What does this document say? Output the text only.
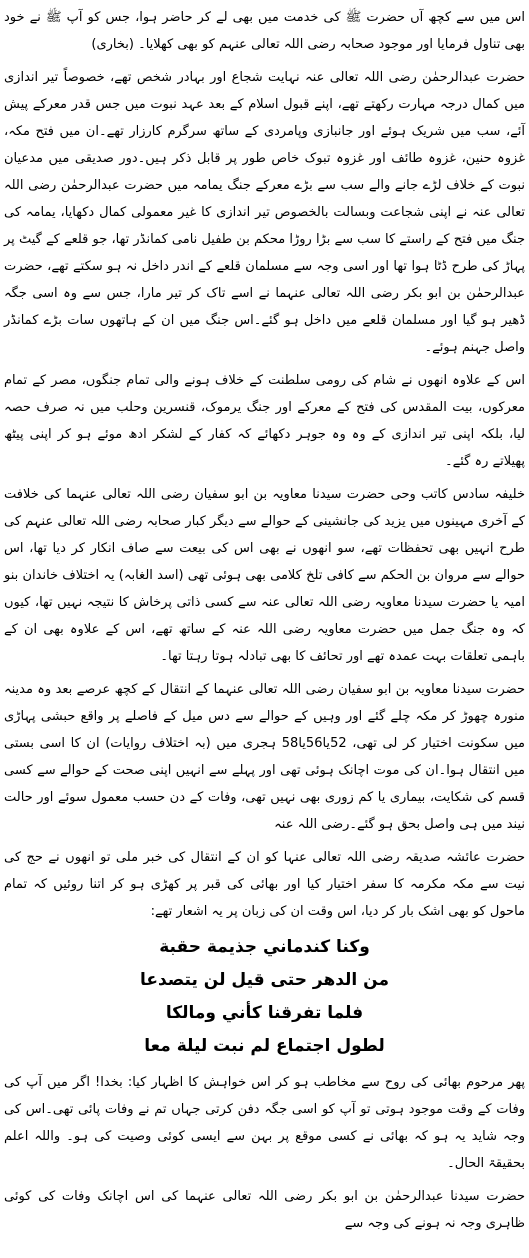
اس میں سے کچھ آں حضرت ﷺ کی خدمت میں بھی لے کر حاضر ہوا، جس کو آپ ﷺ نے خود بھی تناول فرمایا اور موجود صحابہ رضی اللہ تعالی عنہم کو بھی کھلایا۔ (بخاری)

حضرت عبدالرحمٰن رضی اللہ تعالی عنہ نہایت شجاع اور بہادر شخص تھے، خصوصاً تیر اندازی میں کمال درجہ مہارت رکھتے تھے، اپنے قبول اسلام کے بعد عہد نبوت میں جس قدر معرکے پیش آئے، سب میں شریک ہوئے اور جانبازی وپامردی کے ساتھ سرگرم کارزار تھے۔ان میں فتح مکہ، غزوہ حنین، غزوہ طائف اور غزوہ تبوک خاص طور پر قابل ذکر ہیں۔دور صدیقی میں مدعیان نبوت کے خلاف لڑے جانے والے سب سے بڑے معرکے جنگ یمامہ میں حضرت عبدالرحمٰن رضی اللہ تعالی عنہ نے اپنی شجاعت وبسالت بالخصوص تیر اندازی کا غیر معمولی کمال دکھایا، یمامہ کی جنگ میں فتح کے راستے کا سب سے بڑا روڑا محکم بن طفیل نامی کمانڈر تھا، جو قلعے کے گیٹ پر پہاڑ کی طرح ڈٹا ہوا تھا اور اسی وجہ سے مسلمان قلعے کے اندر داخل نہ ہو سکتے تھے، حضرت عبدالرحمٰن بن ابو بکر رضی اللہ تعالی عنہما نے اسے تاک کر تیر مارا، جس سے وہ اسی جگہ ڈھیر ہو گیا اور مسلمان قلعے میں داخل ہو گئے۔اس جنگ میں ان کے ہاتھوں سات بڑے کمانڈر واصل جہنم ہوئے۔

اس کے علاوہ انھوں نے شام کی رومی سلطنت کے خلاف ہونے والی تمام جنگوں، مصر کے تمام معرکوں، بیت المقدس کی فتح کے معرکے اور جنگ یرموک، قنسرین وحلب میں نہ صرف حصہ لیا، بلکہ اپنی تیر اندازی کے وہ وہ جوہر دکھائے کہ کفار کے لشکر ادھ موئے ہو کر اپنی پیٹھ پھیلاتے رہ گئے۔

خلیفہ سادس کاتب وحی حضرت سیدنا معاویہ بن ابو سفیان رضی اللہ تعالی عنہما کی خلافت کے آخری مہینوں میں یزید کی جانشینی کے حوالے سے دیگر کبار صحابہ رضی اللہ تعالی عنہم کی طرح انہیں بھی تحفظات تھے، سو انھوں نے بھی اس کی بیعت سے صاف انکار کر دیا تھا، اس حوالے سے مروان بن الحکم سے کافی تلخ کلامی بھی ہوئی تھی (اسد الغابہ) یہ اختلاف خاندان بنو امیہ یا حضرت سیدنا معاویہ رضی اللہ تعالی عنہ سے کسی ذاتی پرخاش کا نتیجہ نہیں تھا، کیوں کہ وہ جنگ جمل میں حضرت معاویہ رضی اللہ عنہ کے ساتھ تھے، اس کے علاوہ بھی ان کے باہمی تعلقات بہت عمدہ تھے اور تحائف کا بھی تبادلہ ہوتا رہتا تھا۔

حضرت سیدنا معاویہ بن ابو سفیان رضی اللہ تعالی عنہما کے انتقال کے کچھ عرصے بعد وہ مدینہ منورہ چھوڑ کر مکہ چلے گئے اور وہیں کے حوالے سے دس میل کے فاصلے پر واقع حبشی پہاڑی میں سکونت اختیار کر لی تھی، 52یا56یا58 ہجری میں (بہ اختلاف روایات) ان کا اسی بستی میں انتقال ہوا۔ان کی موت اچانک ہوئی تھی اور پہلے سے انہیں اپنی صحت کے حوالے سے کسی قسم کی شکایت، بیماری یا کم زوری بھی نہیں تھی، وفات کے دن حسب معمول سوئے اور حالت نیند میں ہی واصل بحق ہو گئے۔رضی اللہ عنہ

حضرت عائشہ صدیقہ رضی اللہ تعالی عنہا کو ان کے انتقال کی خبر ملی تو انھوں نے حج کی نیت سے مکہ مکرمہ کا سفر اختیار کیا اور بھائی کی قبر پر کھڑی ہو کر اتنا روئیں کہ تمام ماحول کو بھی اشک بار کر دیا، اس وقت ان کی زبان پر یہ اشعار تھے:

وكنا كندماني جذيمة حقبة
من الدهر حتى قيل لن يتصدعا
فلما تفرقنا كأني ومالكا
لطول اجتماع لم نبت ليلة معا

پھر مرحوم بھائی کی روح سے مخاطب ہو کر اس خواہش کا اظہار کیا: بخدا! اگر میں آپ کی وفات کے وقت موجود ہوتی تو آپ کو اسی جگہ دفن کرتی جہاں تم نے وفات پائی تھی۔اس کی وجہ شاید یہ ہو کہ بھائی نے کسی موقع پر بہن سے ایسی کوئی وصیت کی ہو۔ واللہ اعلم بحقیقۃ الحال۔

حضرت سیدنا عبدالرحمٰن بن ابو بکر رضی اللہ تعالی عنہما کی اس اچانک وفات کی کوئی ظاہری وجہ نہ ہونے کی وجہ سے
